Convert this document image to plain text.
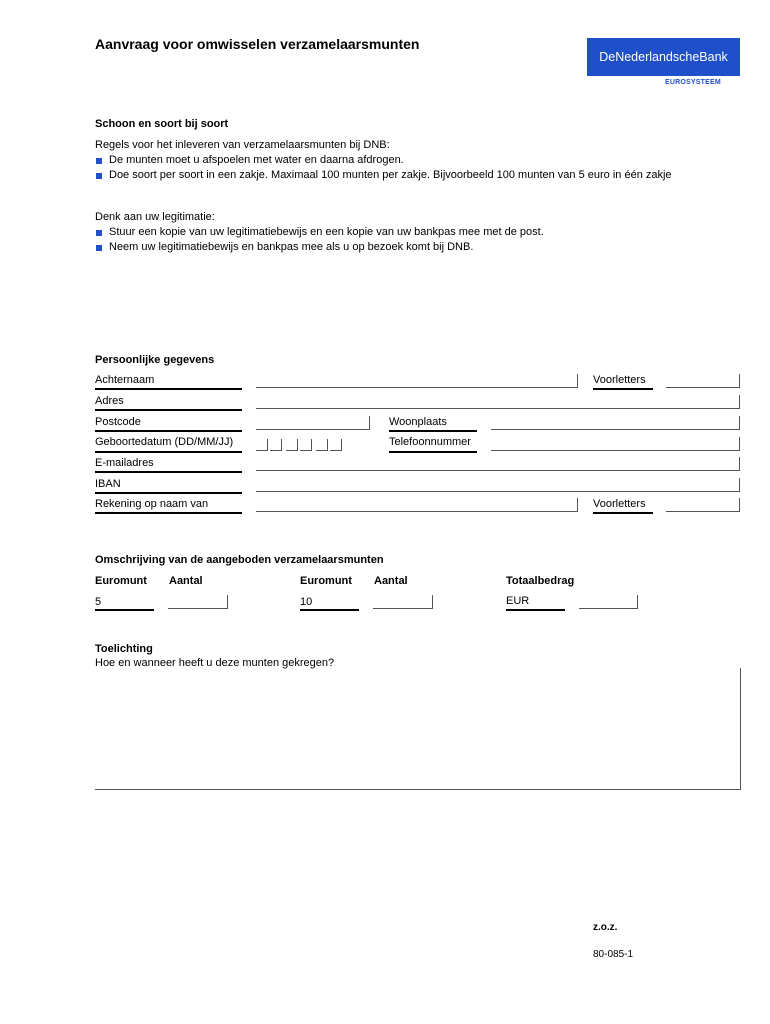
Aanvraag voor omwisselen verzamelaarsmunten
DeNederlandscheBank
EUROSYSTEEM
Schoon en soort bij soort
Regels voor het inleveren van verzamelaarsmunten bij DNB:
De munten moet u afspoelen met water en daarna afdrogen.
Doe soort per soort in een zakje. Maximaal 100 munten per zakje. Bijvoorbeeld 100 munten van 5 euro in één zakje
Denk aan uw legitimatie:
Stuur een kopie van uw legitimatiebewijs en een kopie van uw bankpas mee met de post.
Neem uw legitimatiebewijs en bankpas mee als u op bezoek komt bij DNB.
Persoonlijke gegevens
Achternaam	Voorletters
Adres
Postcode	Woonplaats
Geboortedatum (DD/MM/JJ)	Telefoonnummer
E-mailadres
IBAN
Rekening op naam van	Voorletters
Omschrijving van de aangeboden verzamelaarsmunten
Euromunt Aantal	Euromunt Aantal	Totaalbedrag
5	10	EUR
Toelichting
Hoe en wanneer heeft u deze munten gekregen?
z.o.z.
80-085-1
